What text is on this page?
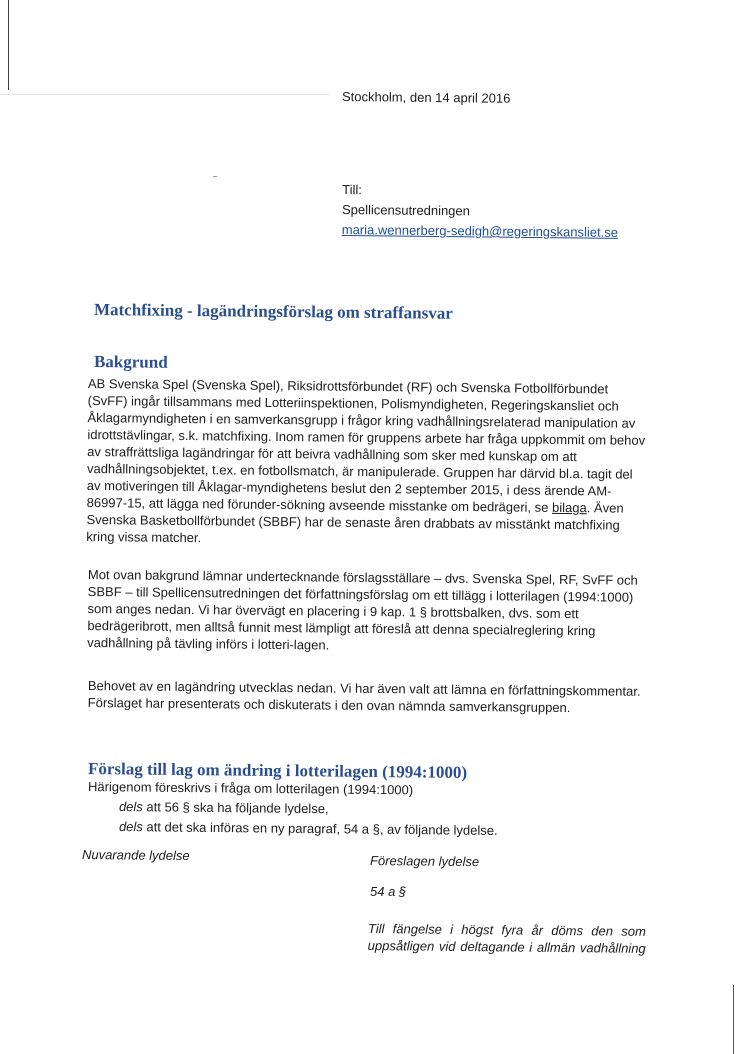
Stockholm, den 14 april 2016
Till:
Spellicensutredningen
maria.wennerberg-sedigh@regeringskansliet.se
Matchfixing - lagändringsförslag om straffansvar
Bakgrund

AB Svenska Spel (Svenska Spel), Riksidrottsförbundet (RF) och Svenska Fotbollförbundet (SvFF) ingår tillsammans med Lotteriinspektionen, Polismyndigheten, Regeringskansliet och Åklagarmyndigheten i en samverkansgrupp i frågor kring vadhållningsrelaterad manipulation av idrottstävlingar, s.k. matchfixing. Inom ramen för gruppens arbete har fråga uppkommit om behov av straffrättsliga lagändringar för att beivra vadhållning som sker med kunskap om att vadhållningsobjektet, t.ex. en fotbollsmatch, är manipulerade. Gruppen har därvid bl.a. tagit del av motiveringen till Åklagar-myndighetens beslut den 2 september 2015, i dess ärende AM-86997-15, att lägga ned förunder-sökning avseende misstanke om bedrägeri, se bilaga. Även Svenska Basketbollförbundet (SBBF) har de senaste åren drabbats av misstänkt matchfixing kring vissa matcher.

Mot ovan bakgrund lämnar undertecknande förslagsställare – dvs. Svenska Spel, RF, SvFF och SBBF – till Spellicensutredningen det författningsförslag om ett tillägg i lotterilagen (1994:1000) som anges nedan. Vi har övervägt en placering i 9 kap. 1 § brottsbalken, dvs. som ett bedrägeribrott, men alltså funnit mest lämpligt att föreslå att denna specialreglering kring vadhållning på tävling införs i lotteri-lagen.

Behovet av en lagändring utvecklas nedan. Vi har även valt att lämna en författningskommentar. Förslaget har presenterats och diskuterats i den ovan nämnda samverkansgruppen.

Förslag till lag om ändring i lotterilagen (1994:1000)
Härigenom föreskrivs i fråga om lotterilagen (1994:1000)
dels att 56 § ska ha följande lydelse,
dels att det ska införas en ny paragraf, 54 a §, av följande lydelse.
Nuvarande lydelse	Föreslagen lydelse
54 a §
Till fängelse i högst fyra år döms den som
uppsåtligen vid deltagande i allmän vadhållning
